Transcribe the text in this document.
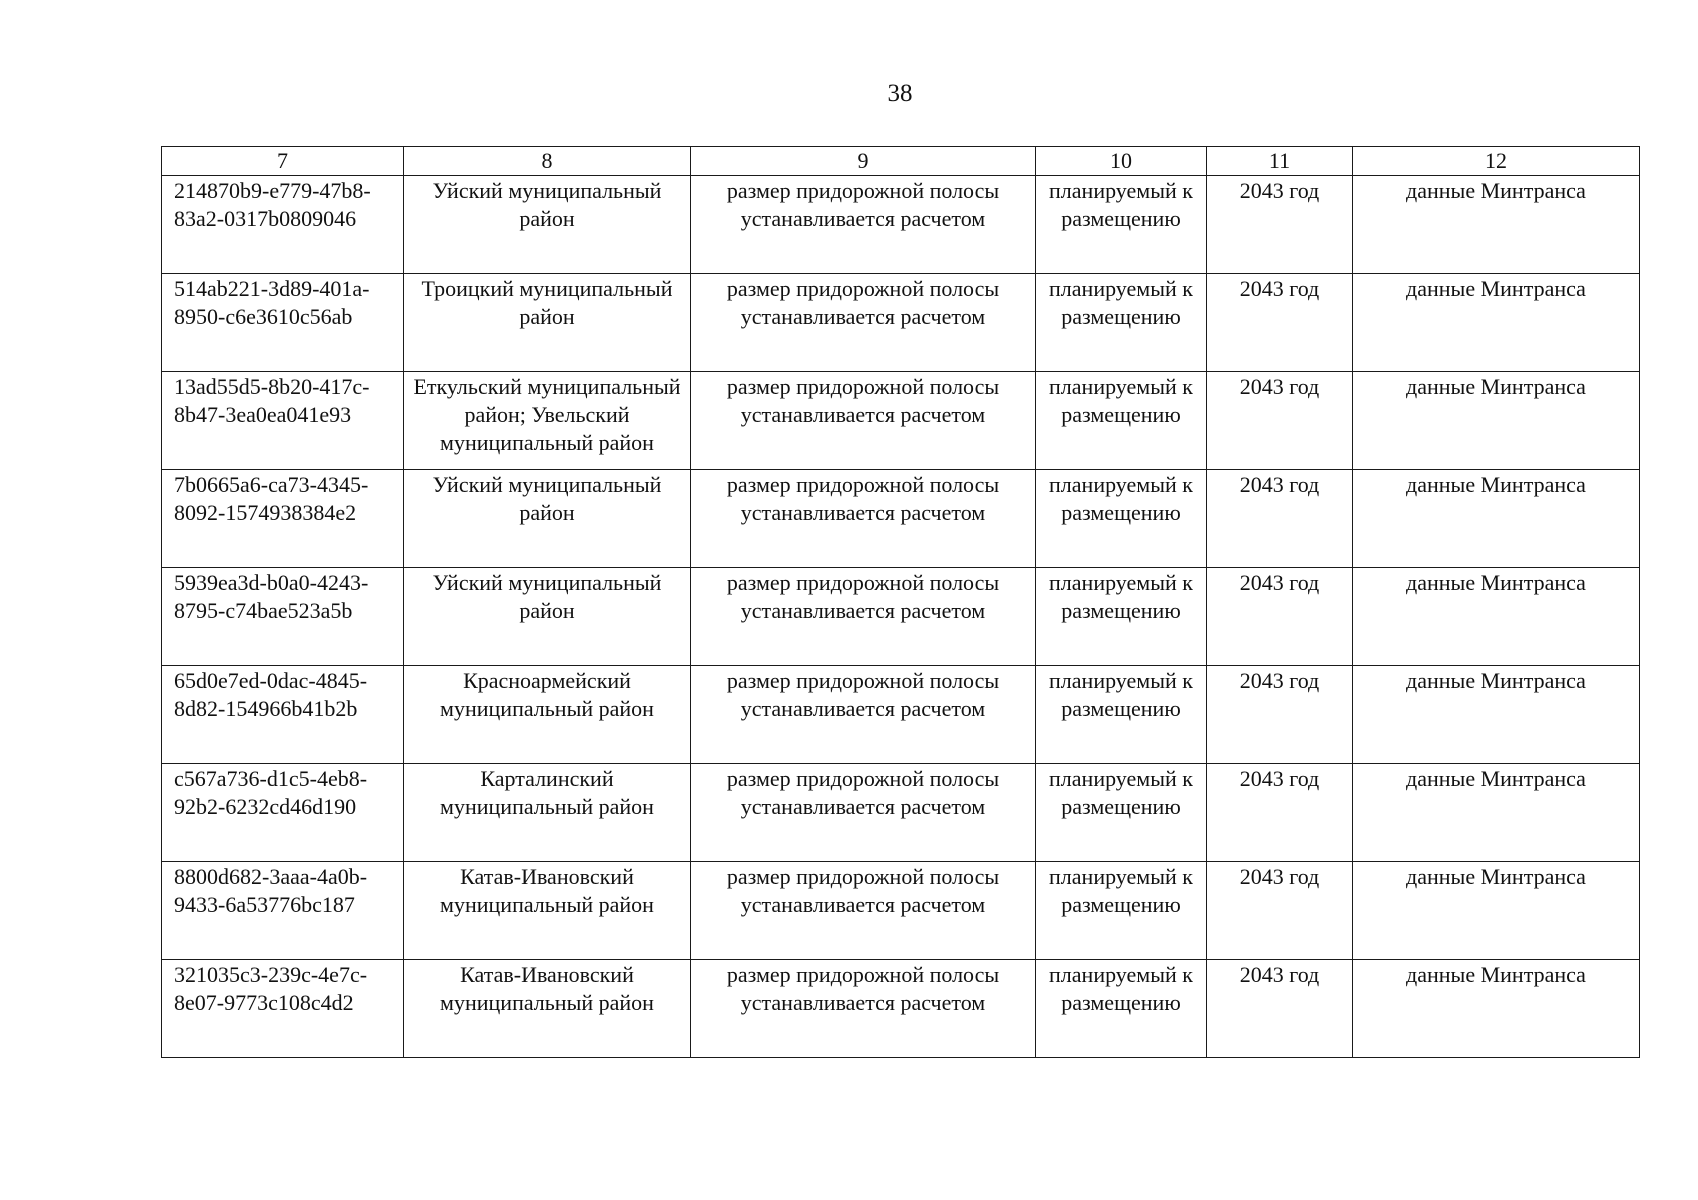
38
7	8	9	10	11	12
214870b9-e779-47b8-83a2-0317b0809046	Уйский муниципальный район	размер придорожной полосы устанавливается расчетом	планируемый к размещению	2043 год	данные Минтранса
514ab221-3d89-401a-8950-c6e3610c56ab	Троицкий муниципальный район	размер придорожной полосы устанавливается расчетом	планируемый к размещению	2043 год	данные Минтранса
13ad55d5-8b20-417c-8b47-3ea0ea041e93	Еткульский муниципальный район; Увельский муниципальный район	размер придорожной полосы устанавливается расчетом	планируемый к размещению	2043 год	данные Минтранса
7b0665a6-ca73-4345-8092-1574938384e2	Уйский муниципальный район	размер придорожной полосы устанавливается расчетом	планируемый к размещению	2043 год	данные Минтранса
5939ea3d-b0a0-4243-8795-c74bae523a5b	Уйский муниципальный район	размер придорожной полосы устанавливается расчетом	планируемый к размещению	2043 год	данные Минтранса
65d0e7ed-0dac-4845-8d82-154966b41b2b	Красноармейский муниципальный район	размер придорожной полосы устанавливается расчетом	планируемый к размещению	2043 год	данные Минтранса
c567a736-d1c5-4eb8-92b2-6232cd46d190	Карталинский муниципальный район	размер придорожной полосы устанавливается расчетом	планируемый к размещению	2043 год	данные Минтранса
8800d682-3aaa-4a0b-9433-6a53776bc187	Катав-Ивановский муниципальный район	размер придорожной полосы устанавливается расчетом	планируемый к размещению	2043 год	данные Минтранса
321035c3-239c-4e7c-8e07-9773c108c4d2	Катав-Ивановский муниципальный район	размер придорожной полосы устанавливается расчетом	планируемый к размещению	2043 год	данные Минтранса
